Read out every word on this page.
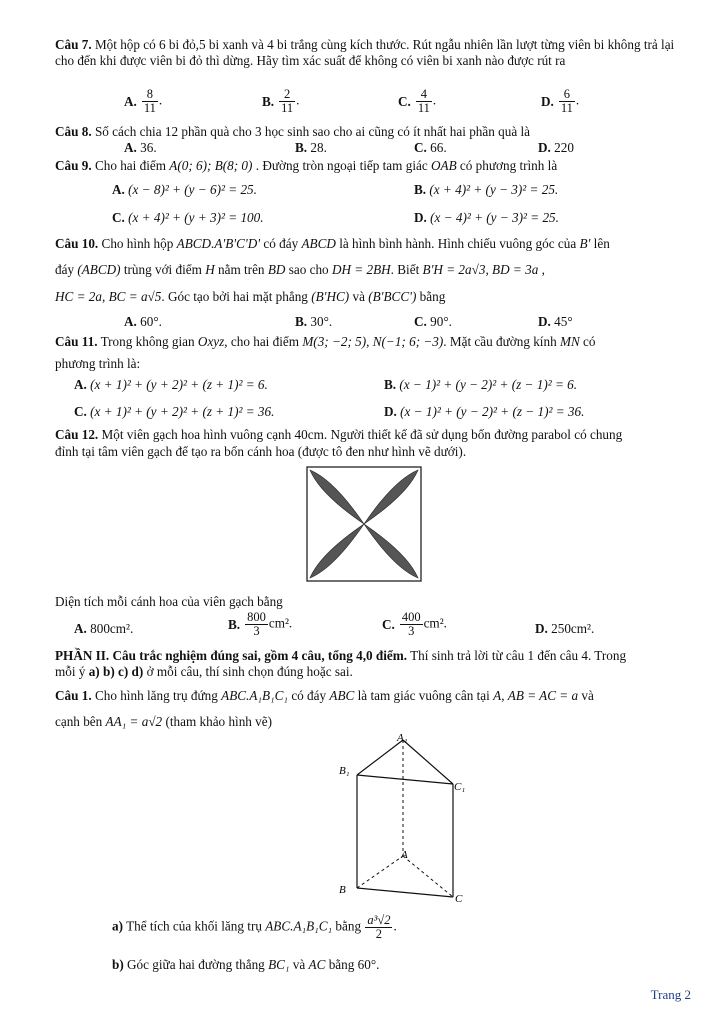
Câu 7. Một hộp có 6 bi đỏ,5 bi xanh và 4 bi trắng cùng kích thước. Rút ngẫu nhiên lần lượt từng viên bi không trả lại cho đến khi được viên bi đỏ thì dừng. Hãy tìm xác suất để không có viên bi xanh nào được rút ra
A. $\frac{8}{11}$ .	B. $\frac{2}{11}$ .	C. $\frac{4}{11}$ .	D. $\frac{6}{11}$ .
Câu 8. Số cách chia 12 phần quà cho 3 học sinh sao cho ai cũng có ít nhất hai phần quà là
A. 36.	B. 28.	C. 66.	D. 220
Câu 9. Cho hai điểm A(0; 6); B(8; 0) . Đường tròn ngoại tiếp tam giác OAB có phương trình là
A. (x − 8)² + (y − 6)² = 25.	B. (x + 4)² + (y − 3)² = 25.
C. (x + 4)² + (y + 3)² = 100.	D. (x − 4)² + (y − 3)² = 25.
Câu 10. Cho hình hộp ABCD.A'B'C'D' có đáy ABCD là hình bình hành. Hình chiếu vuông góc của B' lên
đáy (ABCD) trùng với điểm H nằm trên BD sao cho DH = 2BH. Biết B'H = 2a√3, BD = 3a ,
HC = 2a, BC = a√5. Góc tạo bởi hai mặt phẳng (B'HC) và (B'BCC') bằng
A. 60°.	B. 30°.	C. 90°.	D. 45°
Câu 11. Trong không gian Oxyz, cho hai điểm M(3; −2; 5), N(−1; 6; −3). Mặt cầu đường kính MN có
phương trình là:
A. (x + 1)² + (y + 2)² + (z + 1)² = 6.	B. (x − 1)² + (y − 2)² + (z − 1)² = 6.
C. (x + 1)² + (y + 2)² + (z + 1)² = 36.	D. (x − 1)² + (y − 2)² + (z − 1)² = 36.
Câu 12. Một viên gạch hoa hình vuông cạnh 40cm. Người thiết kế đã sử dụng bốn đường parabol có chung
đỉnh tại tâm viên gạch để tạo ra bốn cánh hoa (được tô đen như hình vẽ dưới).
Diện tích mỗi cánh hoa của viên gạch bằng
A. 800cm².	B. $\frac{800}{3} cm^2$.	C. $\frac{400}{3} cm^2$.	D. 250cm².
PHẦN II. Câu trắc nghiệm đúng sai, gồm 4 câu, tổng 4,0 điểm. Thí sinh trả lời từ câu 1 đến câu 4. Trong
mỗi ý a) b) c) d) ở mỗi câu, thí sinh chọn đúng hoặc sai.
Câu 1. Cho hình lăng trụ đứng ABC.A₁B₁C₁ có đáy ABC là tam giác vuông cân tại A, AB = AC = a và
cạnh bên AA₁ = a√2 (tham khảo hình vẽ)
A₁
B₁
C₁
A
B
C
a) Thể tích của khối lăng trụ ABC.A₁B₁C₁ bằng $\frac{\text{a³√2}}{2}$ .
b) Góc giữa hai đường thẳng BC₁ và AC bằng 60°.
Trang 2
